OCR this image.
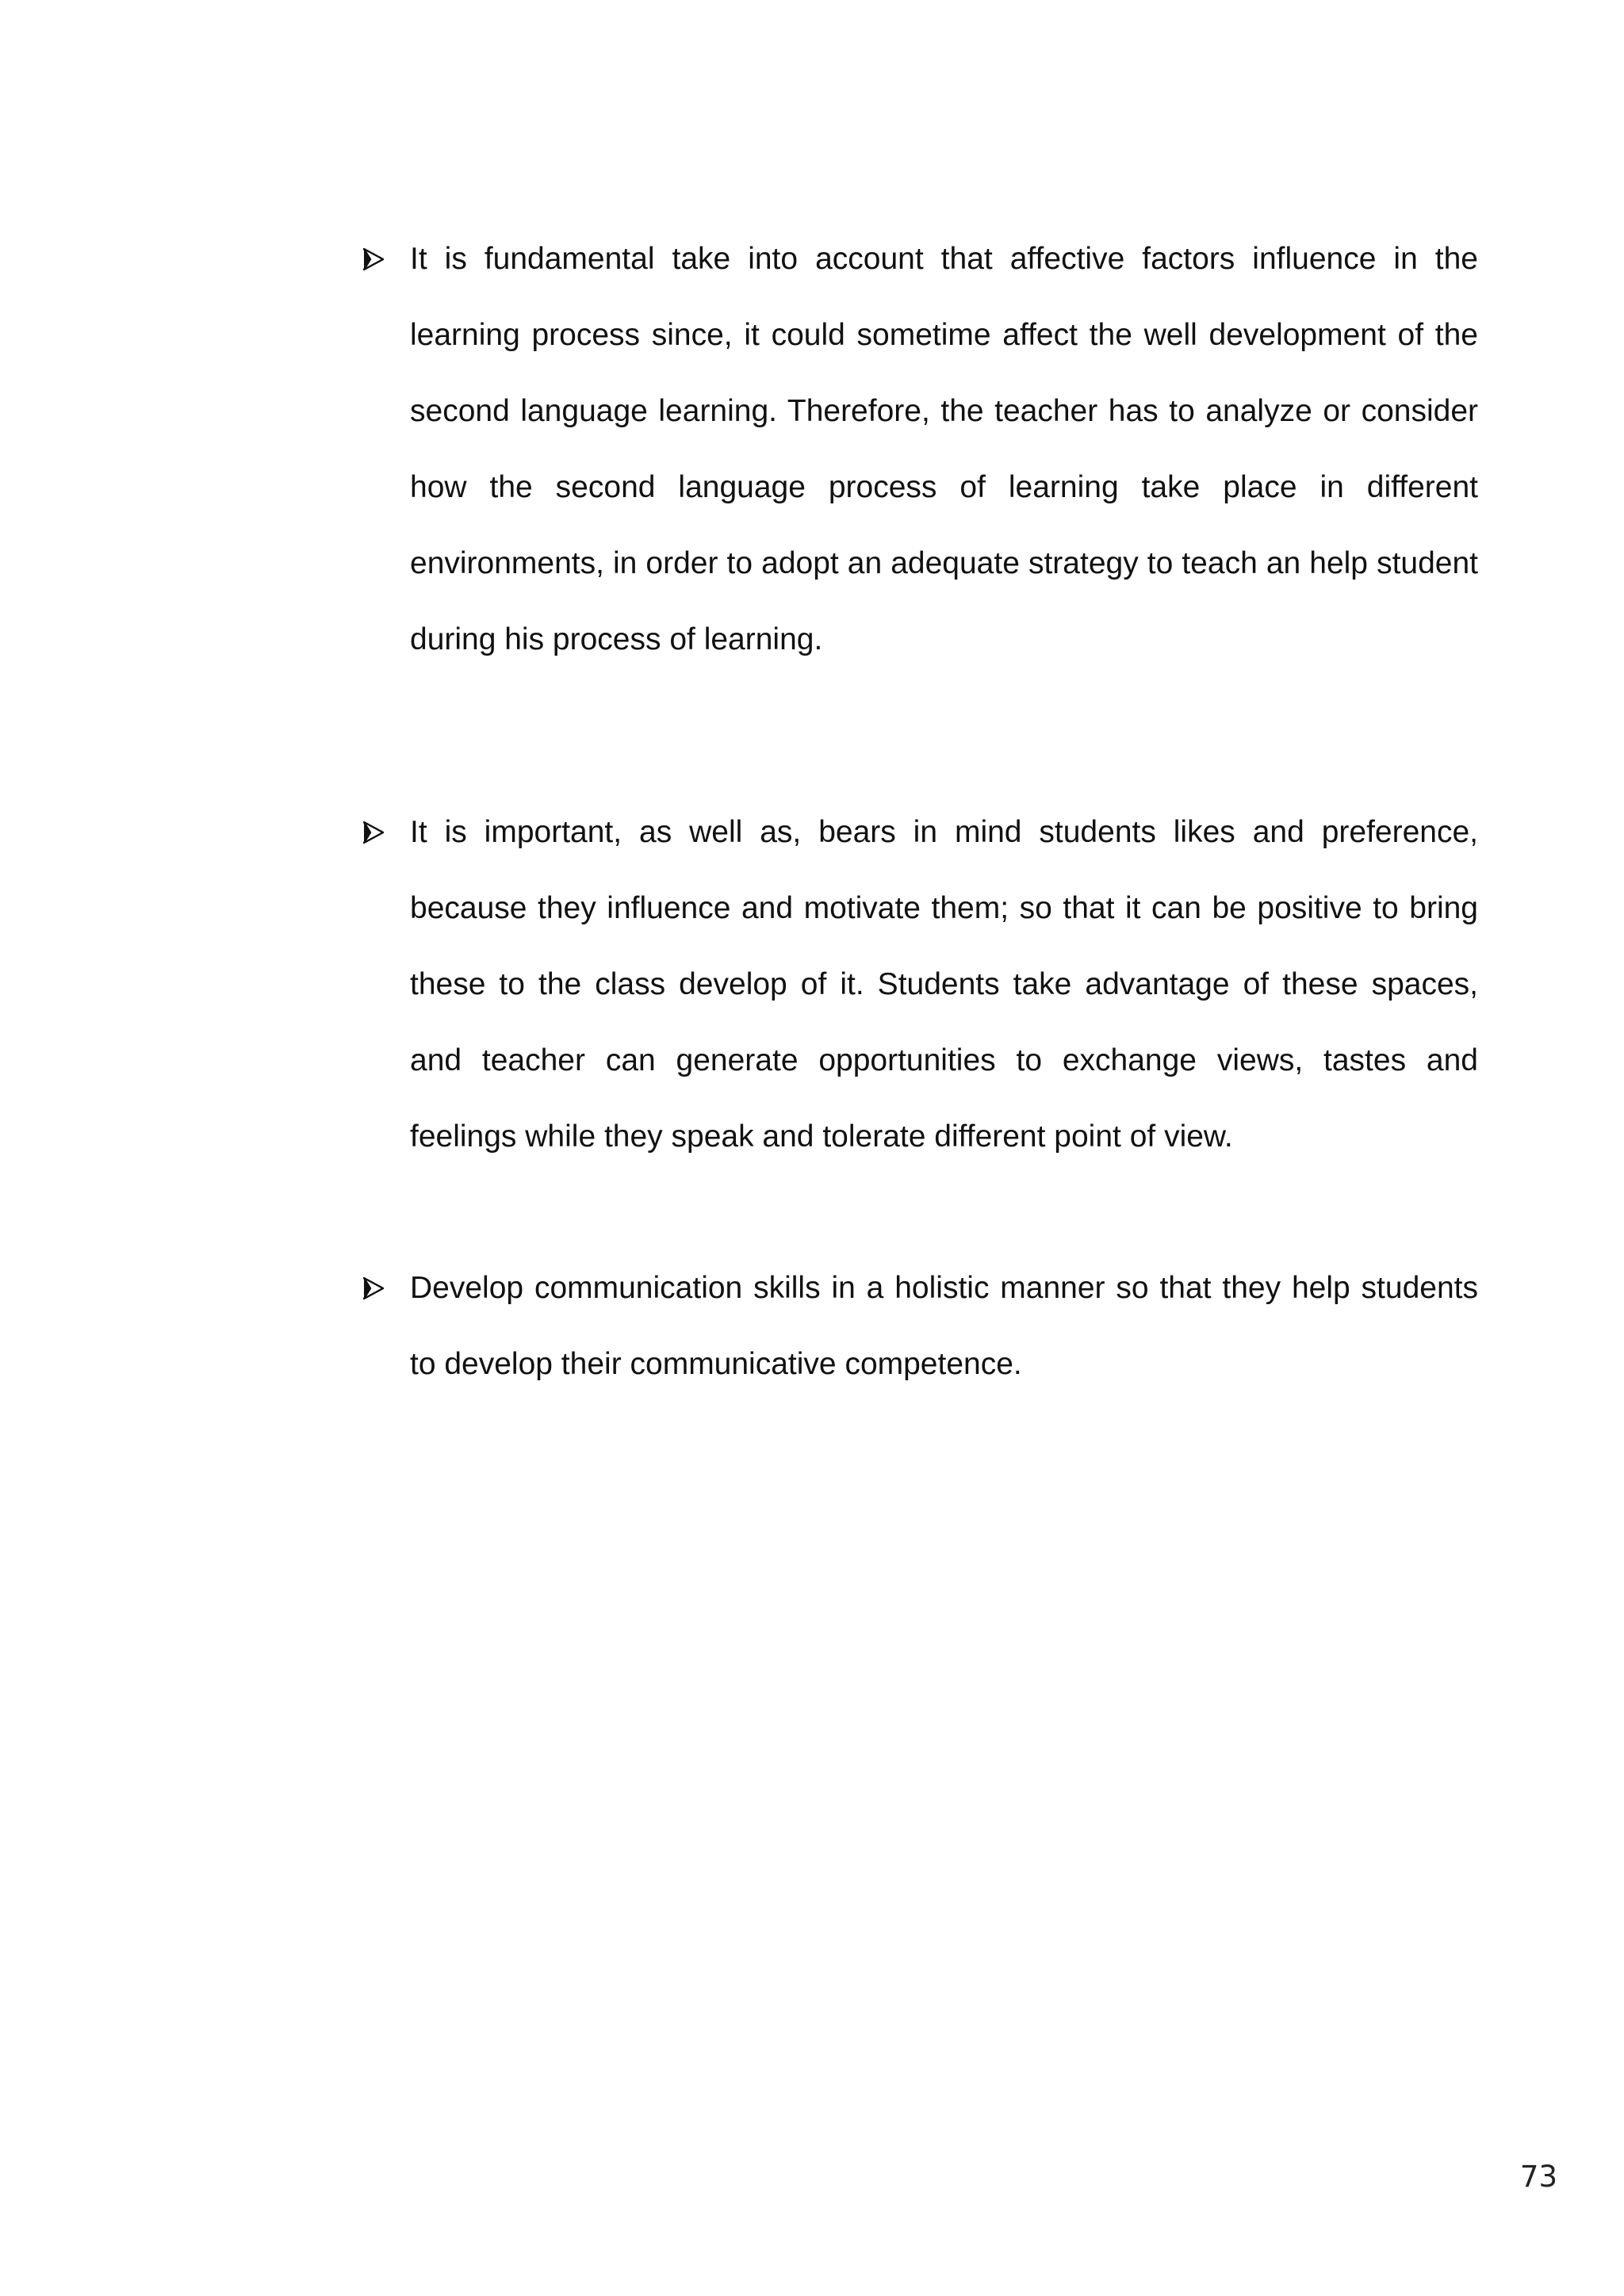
It is fundamental take into account that affective factors influence in the learning process since, it could sometime affect the well development of the second language learning. Therefore, the teacher has to analyze or consider how the second language process of learning take place in different environments, in order to adopt an adequate strategy to teach an help student during his process of learning.
It is important, as well as, bears in mind students likes and preference, because they influence and motivate them; so that it can be positive to bring these to the class develop of it. Students take advantage of these spaces, and teacher can generate opportunities to exchange views, tastes and feelings while they speak and tolerate different point of view.
Develop communication skills in a holistic manner so that they help students to develop their communicative competence.
73
